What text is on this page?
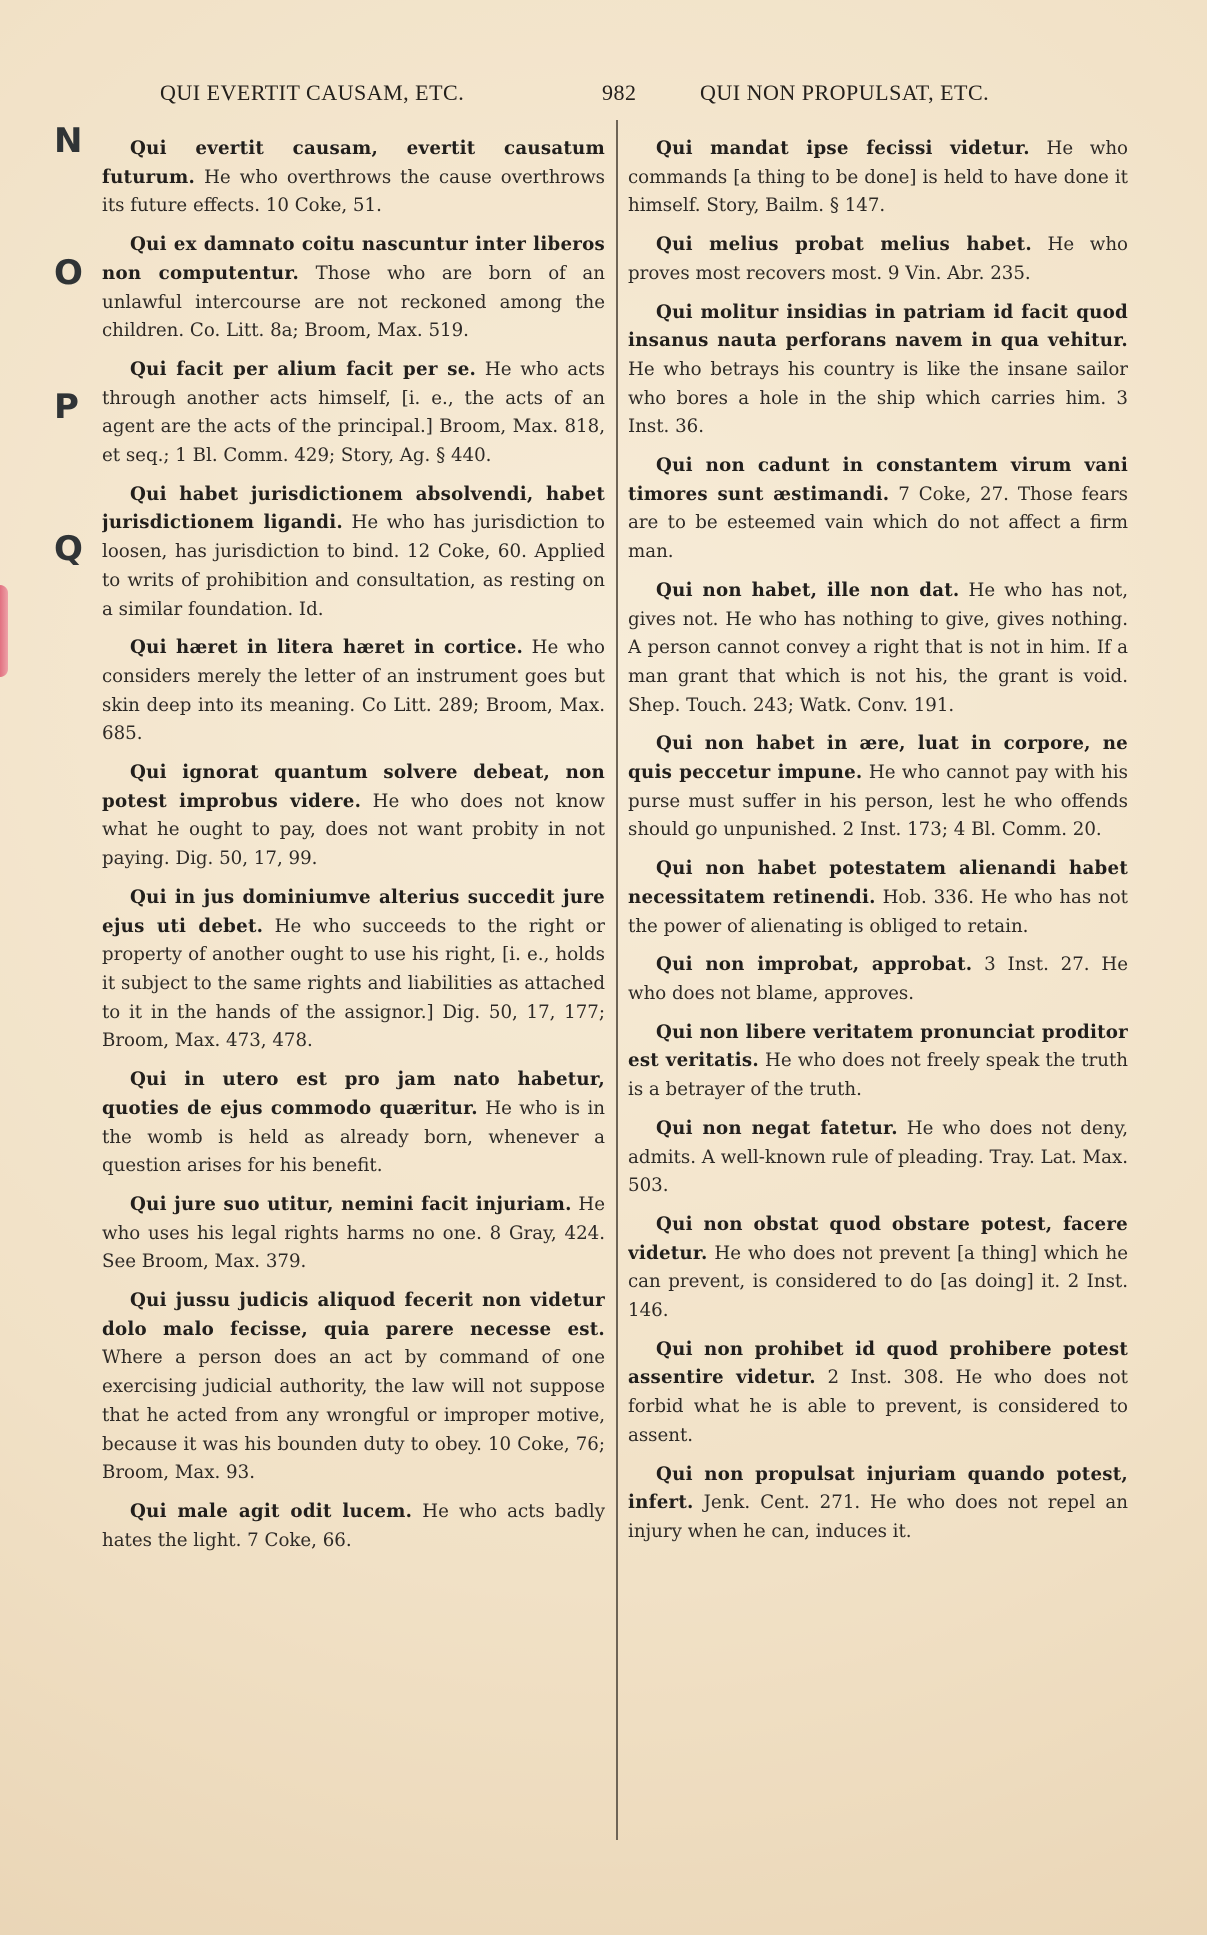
QUI EVERTIT CAUSAM, ETC.	982	QUI NON PROPULSAT, ETC.
N
O
P
Q

Qui evertit causam, evertit causatum futurum. He who overthrows the cause overthrows its future effects. 10 Coke, 51.

Qui ex damnato coitu nascuntur inter liberos non computentur. Those who are born of an unlawful intercourse are not reckoned among the children. Co. Litt. 8a; Broom, Max. 519.

Qui facit per alium facit per se. He who acts through another acts himself, [i. e., the acts of an agent are the acts of the principal.] Broom, Max. 818, et seq.; 1 Bl. Comm. 429; Story, Ag. § 440.

Qui habet jurisdictionem absolvendi, habet jurisdictionem ligandi. He who has jurisdiction to loosen, has jurisdiction to bind. 12 Coke, 60. Applied to writs of prohibition and consultation, as resting on a similar foundation. Id.

Qui hæret in litera hæret in cortice. He who considers merely the letter of an instrument goes but skin deep into its meaning. Co Litt. 289; Broom, Max. 685.

Qui ignorat quantum solvere debeat, non potest improbus videre. He who does not know what he ought to pay, does not want probity in not paying. Dig. 50, 17, 99.

Qui in jus dominiumve alterius succedit jure ejus uti debet. He who succeeds to the right or property of another ought to use his right, [i. e., holds it subject to the same rights and liabilities as attached to it in the hands of the assignor.] Dig. 50, 17, 177; Broom, Max. 473, 478.

Qui in utero est pro jam nato habetur, quoties de ejus commodo quæritur. He who is in the womb is held as already born, whenever a question arises for his benefit.

Qui jure suo utitur, nemini facit injuriam. He who uses his legal rights harms no one. 8 Gray, 424. See Broom, Max. 379.

Qui jussu judicis aliquod fecerit non videtur dolo malo fecisse, quia parere necesse est. Where a person does an act by command of one exercising judicial authority, the law will not suppose that he acted from any wrongful or improper motive, because it was his bounden duty to obey. 10 Coke, 76; Broom, Max. 93.

Qui male agit odit lucem. He who acts badly hates the light. 7 Coke, 66.

Qui mandat ipse fecissi videtur. He who commands [a thing to be done] is held to have done it himself. Story, Bailm. § 147.

Qui melius probat melius habet. He who proves most recovers most. 9 Vin. Abr. 235.

Qui molitur insidias in patriam id facit quod insanus nauta perforans navem in qua vehitur. He who betrays his country is like the insane sailor who bores a hole in the ship which carries him. 3 Inst. 36.

Qui non cadunt in constantem virum vani timores sunt æstimandi. 7 Coke, 27. Those fears are to be esteemed vain which do not affect a firm man.

Qui non habet, ille non dat. He who has not, gives not. He who has nothing to give, gives nothing. A person cannot convey a right that is not in him. If a man grant that which is not his, the grant is void. Shep. Touch. 243; Watk. Conv. 191.

Qui non habet in ære, luat in corpore, ne quis peccetur impune. He who cannot pay with his purse must suffer in his person, lest he who offends should go unpunished. 2 Inst. 173; 4 Bl. Comm. 20.

Qui non habet potestatem alienandi habet necessitatem retinendi. Hob. 336. He who has not the power of alienating is obliged to retain.

Qui non improbat, approbat. 3 Inst. 27. He who does not blame, approves.

Qui non libere veritatem pronunciat proditor est veritatis. He who does not freely speak the truth is a betrayer of the truth.

Qui non negat fatetur. He who does not deny, admits. A well-known rule of pleading. Tray. Lat. Max. 503.

Qui non obstat quod obstare potest, facere videtur. He who does not prevent [a thing] which he can prevent, is considered to do [as doing] it. 2 Inst. 146.

Qui non prohibet id quod prohibere potest assentire videtur. 2 Inst. 308. He who does not forbid what he is able to prevent, is considered to assent.

Qui non propulsat injuriam quando potest, infert. Jenk. Cent. 271. He who does not repel an injury when he can, induces it.
